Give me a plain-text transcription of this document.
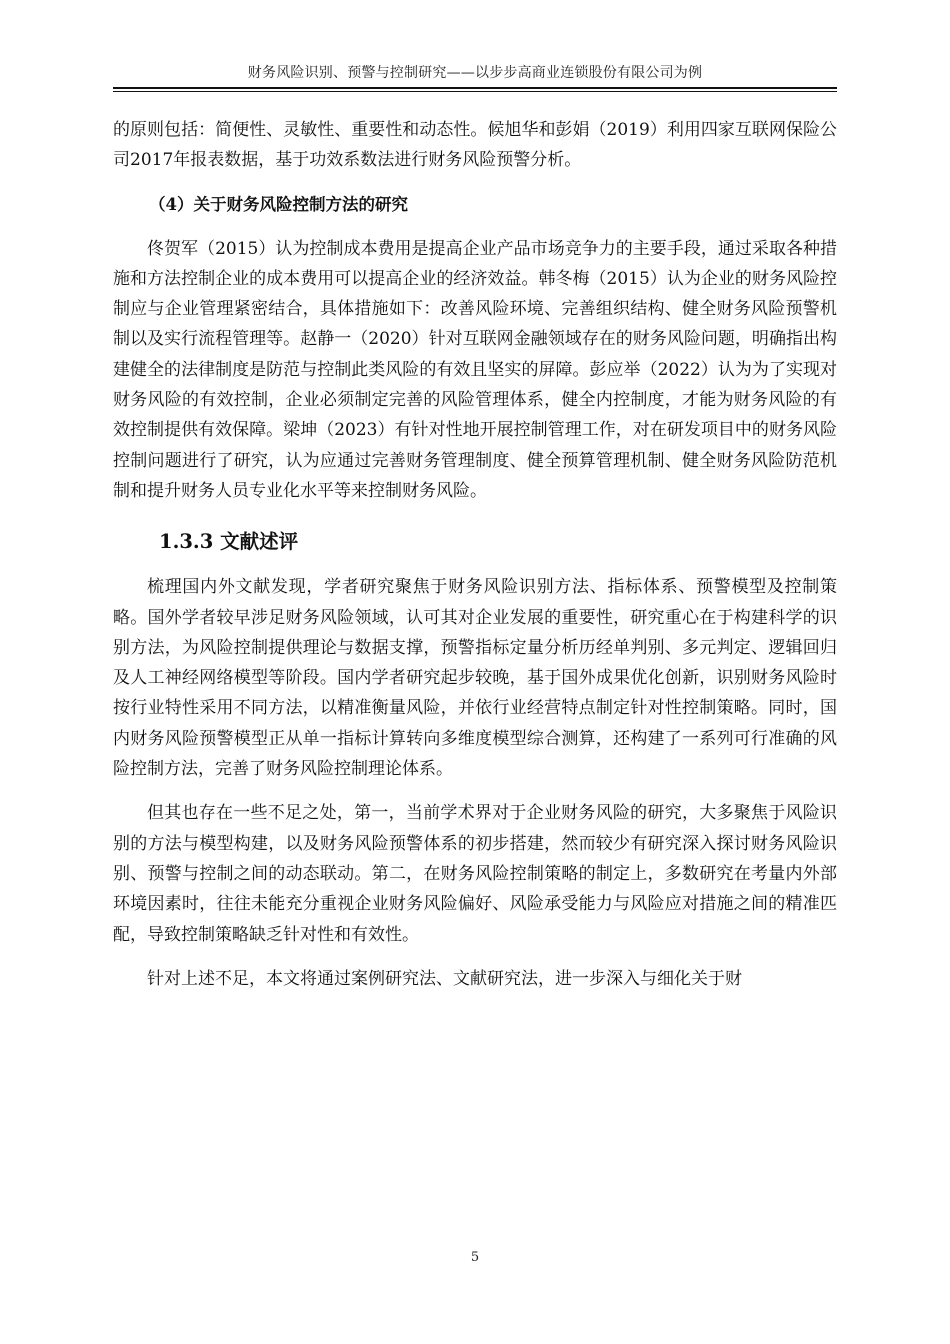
财务风险识别、预警与控制研究——以步步高商业连锁股份有限公司为例

的原则包括：简便性、灵敏性、重要性和动态性。候旭华和彭娟（2019）利用四家互联网保险公司2017年报表数据，基于功效系数法进行财务风险预警分析。

（4）关于财务风险控制方法的研究

佟贺军（2015）认为控制成本费用是提高企业产品市场竞争力的主要手段，通过采取各种措施和方法控制企业的成本费用可以提高企业的经济效益。韩冬梅（2015）认为企业的财务风险控制应与企业管理紧密结合，具体措施如下：改善风险环境、完善组织结构、健全财务风险预警机制以及实行流程管理等。赵静一（2020）针对互联网金融领域存在的财务风险问题，明确指出构建健全的法律制度是防范与控制此类风险的有效且坚实的屏障。彭应举（2022）认为为了实现对财务风险的有效控制，企业必须制定完善的风险管理体系，健全内控制度，才能为财务风险的有效控制提供有效保障。梁坤（2023）有针对性地开展控制管理工作，对在研发项目中的财务风险控制问题进行了研究，认为应通过完善财务管理制度、健全预算管理机制、健全财务风险防范机制和提升财务人员专业化水平等来控制财务风险。

1.3.3 文献述评

梳理国内外文献发现，学者研究聚焦于财务风险识别方法、指标体系、预警模型及控制策略。国外学者较早涉足财务风险领域，认可其对企业发展的重要性，研究重心在于构建科学的识别方法，为风险控制提供理论与数据支撑，预警指标定量分析历经单判别、多元判定、逻辑回归及人工神经网络模型等阶段。国内学者研究起步较晚，基于国外成果优化创新，识别财务风险时按行业特性采用不同方法，以精准衡量风险，并依行业经营特点制定针对性控制策略。同时，国内财务风险预警模型正从单一指标计算转向多维度模型综合测算，还构建了一系列可行准确的风险控制方法，完善了财务风险控制理论体系。

但其也存在一些不足之处，第一，当前学术界对于企业财务风险的研究，大多聚焦于风险识别的方法与模型构建，以及财务风险预警体系的初步搭建，然而较少有研究深入探讨财务风险识别、预警与控制之间的动态联动。第二，在财务风险控制策略的制定上，多数研究在考量内外部环境因素时，往往未能充分重视企业财务风险偏好、风险承受能力与风险应对措施之间的精准匹配，导致控制策略缺乏针对性和有效性。

针对上述不足，本文将通过案例研究法、文献研究法，进一步深入与细化关于财

5
